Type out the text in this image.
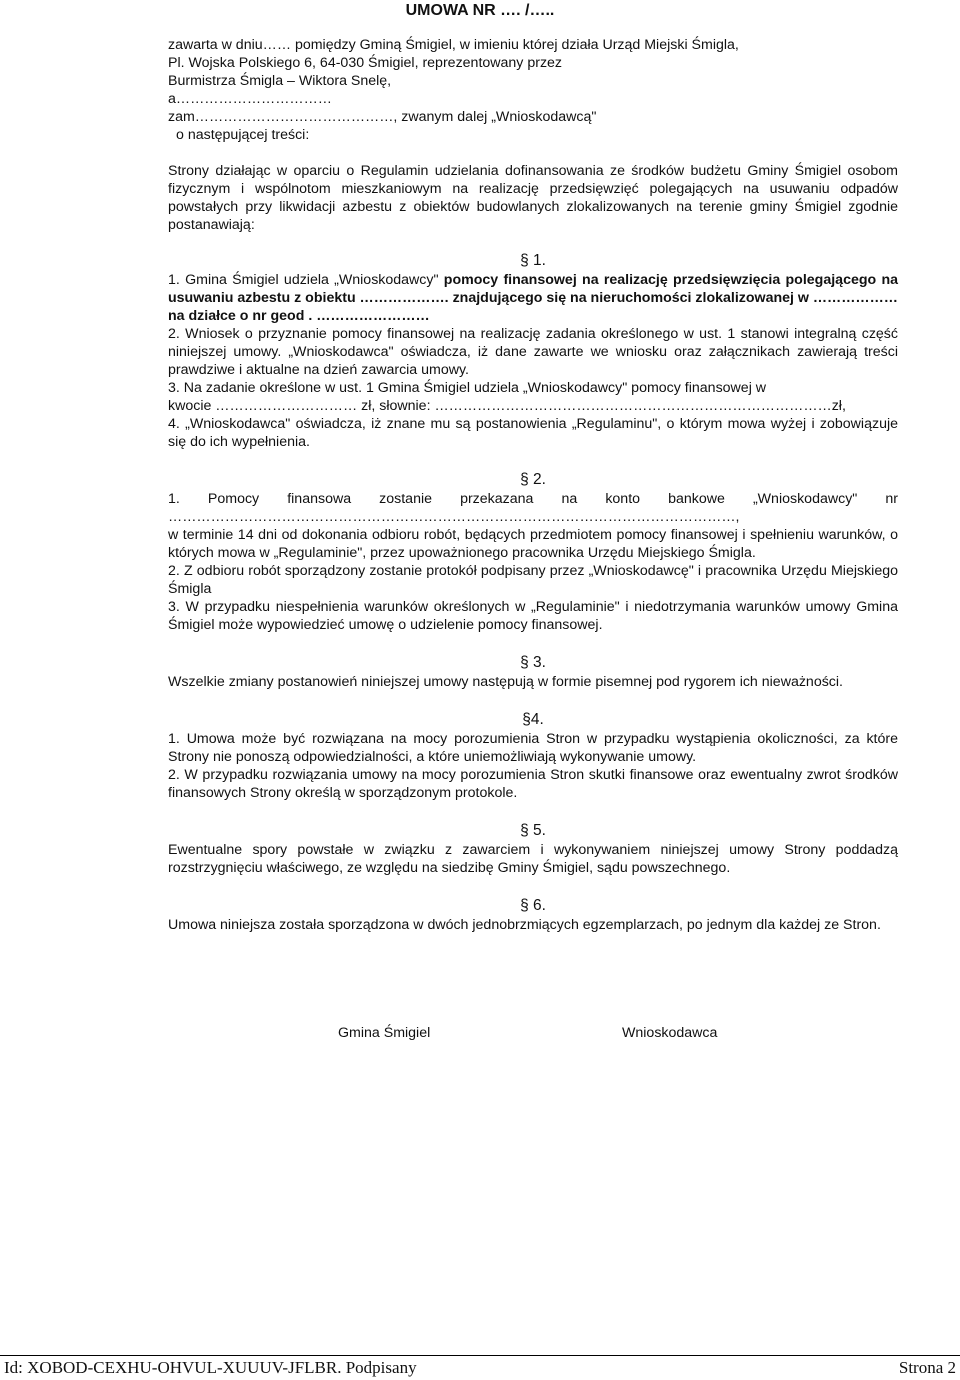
UMOWA NR …. /…..

zawarta w dniu…… pomiędzy Gminą Śmigiel, w imieniu której działa Urząd Miejski Śmigla,

Pl. Wojska Polskiego 6, 64-030 Śmigiel, reprezentowany przez

Burmistrza Śmigla – Wiktora Snelę,

a……………………………

zam……………………………………, zwanym dalej „Wnioskodawcą"

o następującej treści:

Strony działając w oparciu o Regulamin udzielania dofinansowania ze środków budżetu Gminy Śmigiel osobom fizycznym i wspólnotom mieszkaniowym na realizację przedsięwzięć polegających na usuwaniu odpadów powstałych przy likwidacji azbestu z obiektów budowlanych zlokalizowanych na terenie gminy Śmigiel zgodnie postanawiają:

§ 1.

1. Gmina Śmigiel udziela „Wnioskodawcy" pomocy finansowej na realizację przedsięwzięcia polegającego na usuwaniu azbestu z obiektu ………………. znajdującego się na nieruchomości zlokalizowanej w ……………… na działce o nr geod . ……………………

2. Wniosek o przyznanie pomocy finansowej na realizację zadania określonego w ust. 1 stanowi integralną część niniejszej umowy. „Wnioskodawca" oświadcza, iż dane zawarte we wniosku oraz załącznikach zawierają treści prawdziwe i aktualne na dzień zawarcia umowy.

3. Na zadanie określone w ust. 1 Gmina Śmigiel udziela „Wnioskodawcy" pomocy finansowej w

kwocie ………………………… zł, słownie: …………………………………………………………………………zł,

4. „Wnioskodawca" oświadcza, iż znane mu są postanowienia „Regulaminu", o którym mowa wyżej i zobowiązuje się do ich wypełnienia.

§ 2.

1. Pomocy finansowa zostanie przekazana na konto bankowe „Wnioskodawcy" nr

…………………………………………………………………………………………………………,

w terminie 14 dni od dokonania odbioru robót, będących przedmiotem pomocy finansowej i spełnieniu warunków, o których mowa w „Regulaminie", przez upoważnionego pracownika Urzędu Miejskiego Śmigla.

2. Z odbioru robót sporządzony zostanie protokół podpisany przez „Wnioskodawcę" i pracownika Urzędu Miejskiego Śmigla

3. W przypadku niespełnienia warunków określonych w „Regulaminie" i niedotrzymania warunków umowy Gmina Śmigiel może wypowiedzieć umowę o udzielenie pomocy finansowej.

§ 3.

Wszelkie zmiany postanowień niniejszej umowy następują w formie pisemnej pod rygorem ich nieważności.

§4.

1. Umowa może być rozwiązana na mocy porozumienia Stron w przypadku wystąpienia okoliczności, za które Strony nie ponoszą odpowiedzialności, a które uniemożliwiają wykonywanie umowy.

2. W przypadku rozwiązania umowy na mocy porozumienia Stron skutki finansowe oraz ewentualny zwrot środków finansowych Strony określą w sporządzonym protokole.

§ 5.

Ewentualne spory powstałe w związku z zawarciem i wykonywaniem niniejszej umowy Strony poddadzą rozstrzygnięciu właściwego, ze względu na siedzibę Gminy Śmigiel, sądu powszechnego.

§ 6.

Umowa niniejsza została sporządzona w dwóch jednobrzmiących egzemplarzach, po jednym dla każdej ze Stron.

Gmina Śmigiel	Wnioskodawca
Id: XOBOD-CEXHU-OHVUL-XUUUV-JFLBR. Podpisany	Strona 2
